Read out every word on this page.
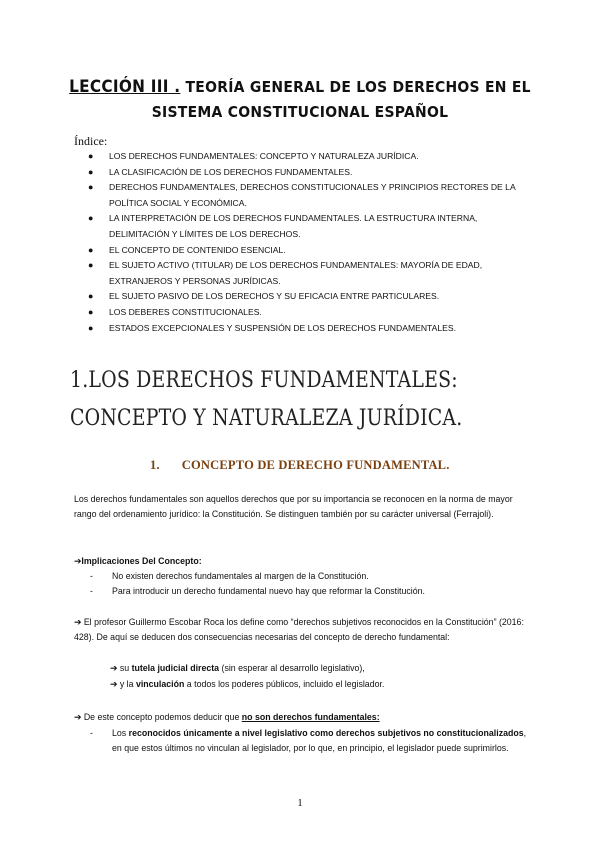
LECCIÓN III . TEORÍA GENERAL DE LOS DERECHOS EN EL
SISTEMA CONSTITUCIONAL ESPAÑOL
Índice:
● LOS DERECHOS FUNDAMENTALES: CONCEPTO Y NATURALEZA JURÍDICA.
● LA CLASIFICACIÓN DE LOS DERECHOS FUNDAMENTALES.
● DERECHOS FUNDAMENTALES, DERECHOS CONSTITUCIONALES Y PRINCIPIOS RECTORES DE LA POLÍTICA SOCIAL Y ECONÓMICA.
● LA INTERPRETACIÓN DE LOS DERECHOS FUNDAMENTALES. LA ESTRUCTURA INTERNA, DELIMITACIÓN Y LÍMITES DE LOS DERECHOS.
● EL CONCEPTO DE CONTENIDO ESENCIAL.
● EL SUJETO ACTIVO (TITULAR) DE LOS DERECHOS FUNDAMENTALES: MAYORÍA DE EDAD, EXTRANJEROS Y PERSONAS JURÍDICAS.
● EL SUJETO PASIVO DE LOS DERECHOS Y SU EFICACIA ENTRE PARTICULARES.
● LOS DEBERES CONSTITUCIONALES.
● ESTADOS EXCEPCIONALES Y SUSPENSIÓN DE LOS DERECHOS FUNDAMENTALES.
1.LOS DERECHOS FUNDAMENTALES: CONCEPTO Y NATURALEZA JURÍDICA.
1. CONCEPTO DE DERECHO FUNDAMENTAL.

Los derechos fundamentales son aquellos derechos que por su importancia se reconocen en la norma de mayor rango del ordenamiento jurídico: la Constitución. Se distinguen también por su carácter universal (Ferrajoli).

➔Implicaciones Del Concepto:
- No existen derechos fundamentales al margen de la Constitución.
- Para introducir un derecho fundamental nuevo hay que reformar la Constitución.

➔ El profesor Guillermo Escobar Roca los define como “derechos subjetivos reconocidos en la Constitución” (2016: 428). De aquí se deducen dos consecuencias necesarias del concepto de derecho fundamental:

➔ su tutela judicial directa (sin esperar al desarrollo legislativo),
➔ y la vinculación a todos los poderes públicos, incluido el legislador.
➔ De este concepto podemos deducir que no son derechos fundamentales:
- Los reconocidos únicamente a nivel legislativo como derechos subjetivos no constitucionalizados, en que estos últimos no vinculan al legislador, por lo que, en principio, el legislador puede suprimirlos.
1
